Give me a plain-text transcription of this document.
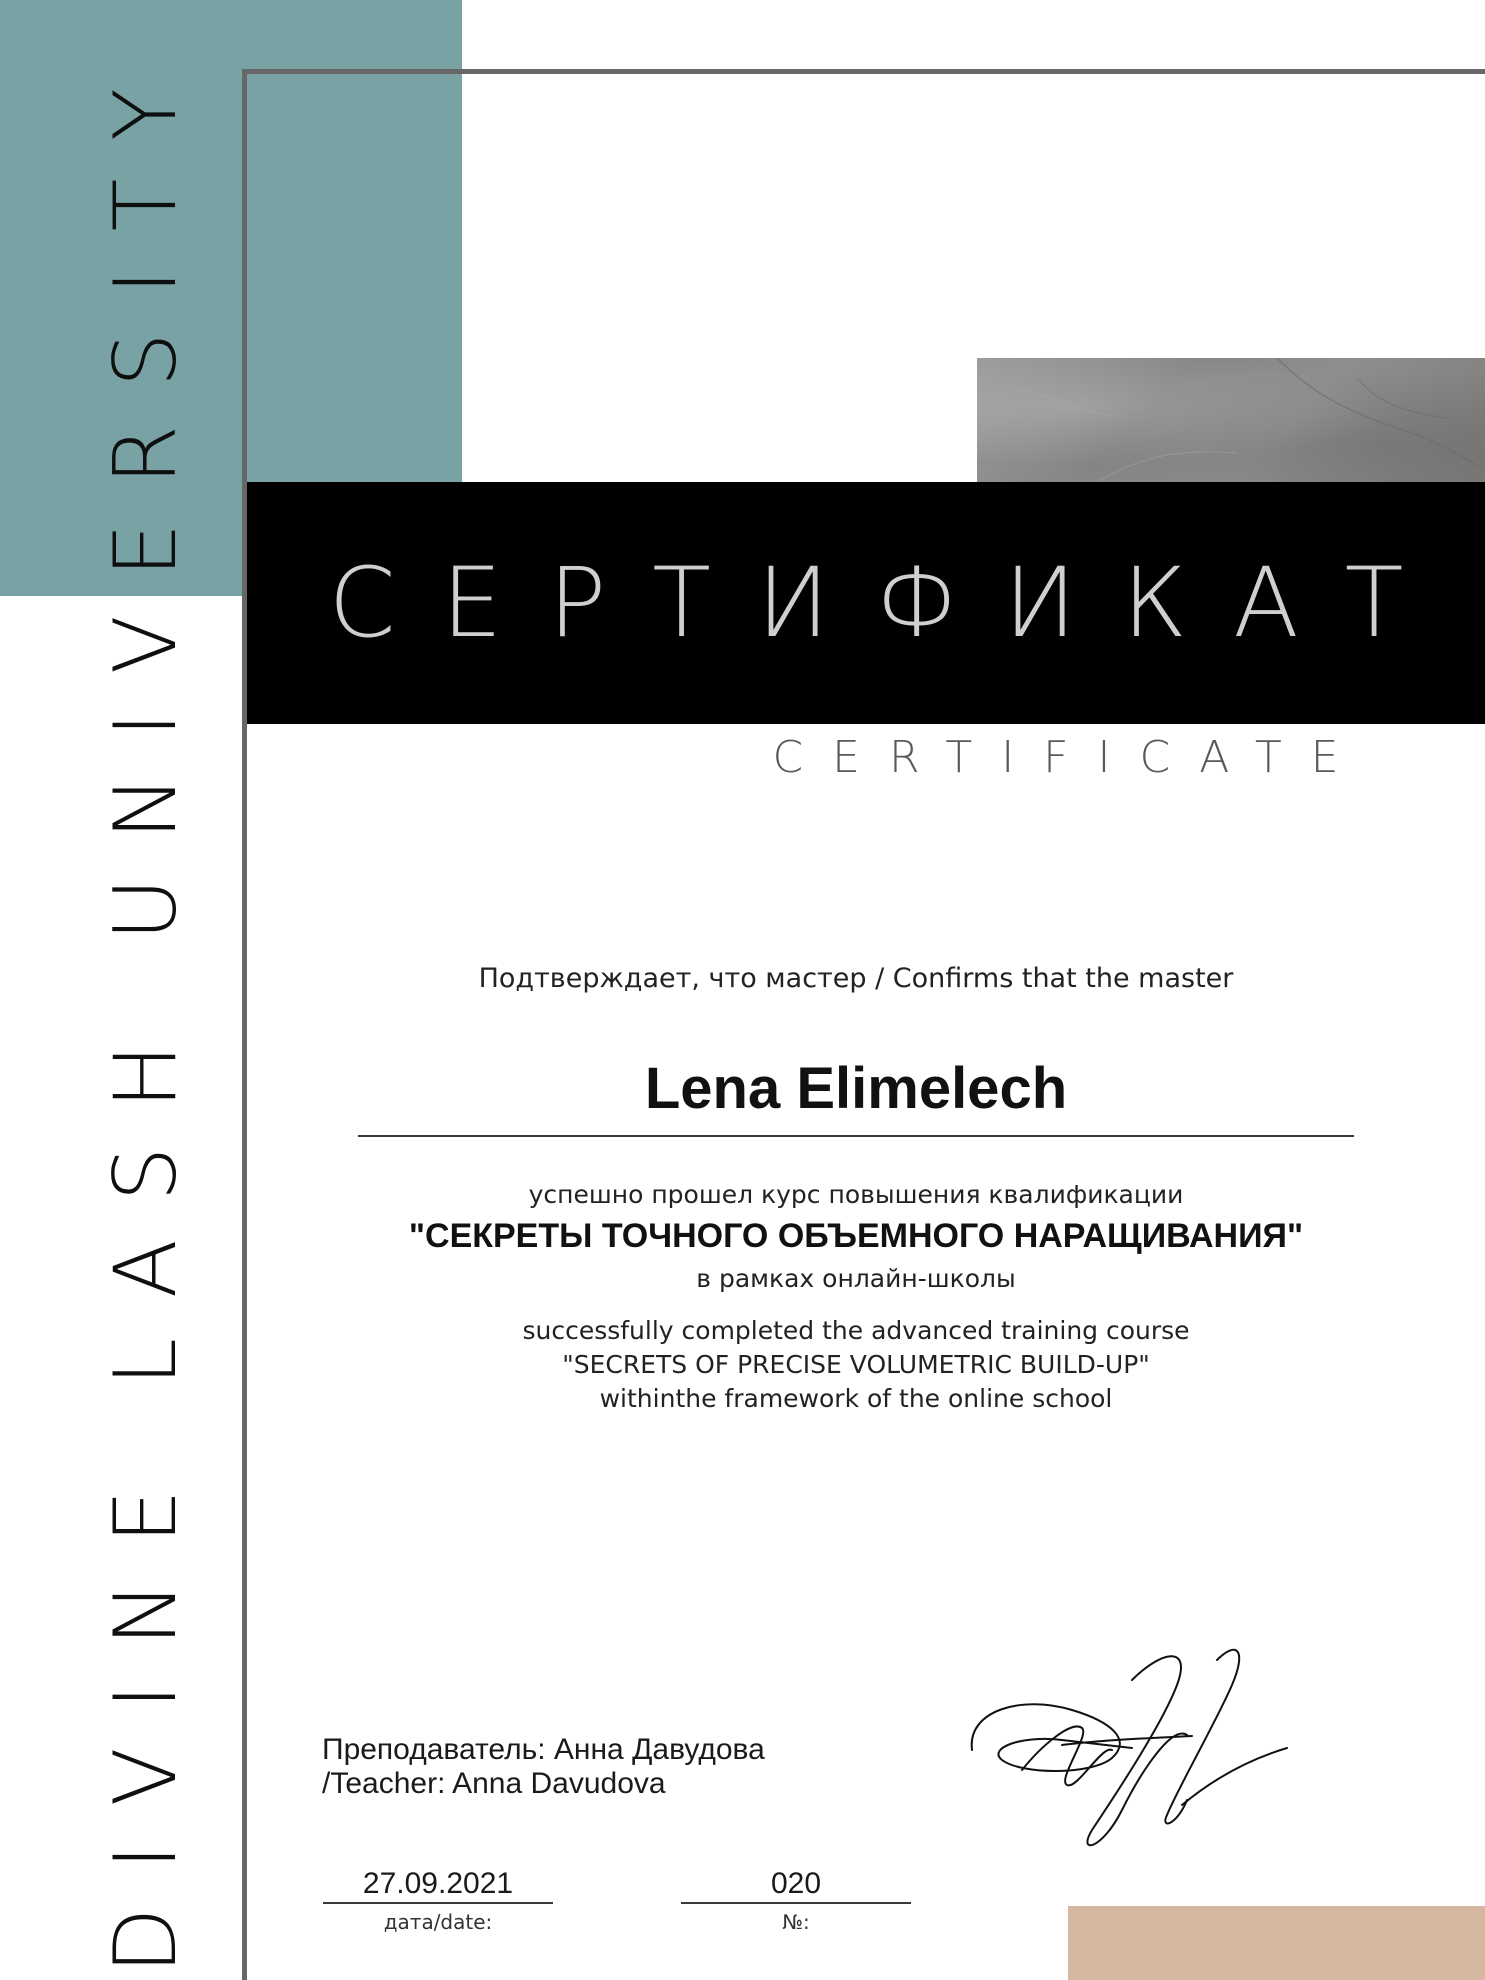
DIVINE LASH UNIVERSITY	СЕРТИФИКАТ
CERTIFICATE
Подтверждает, что мастер / Confirms that the master
Lena Elimelech
успешно прошел курс повышения квалификации
"СЕКРЕТЫ ТОЧНОГО ОБЪЕМНОГО НАРАЩИВАНИЯ"
в рамках онлайн-школы
successfully completed the advanced training course
"SECRETS OF PRECISE VOLUMETRIC BUILD-UP"
withinthe framework of the online school
Преподаватель: Анна Давудова
/Teacher: Anna Davudova
27.09.2021
дата/date:
020
№:
